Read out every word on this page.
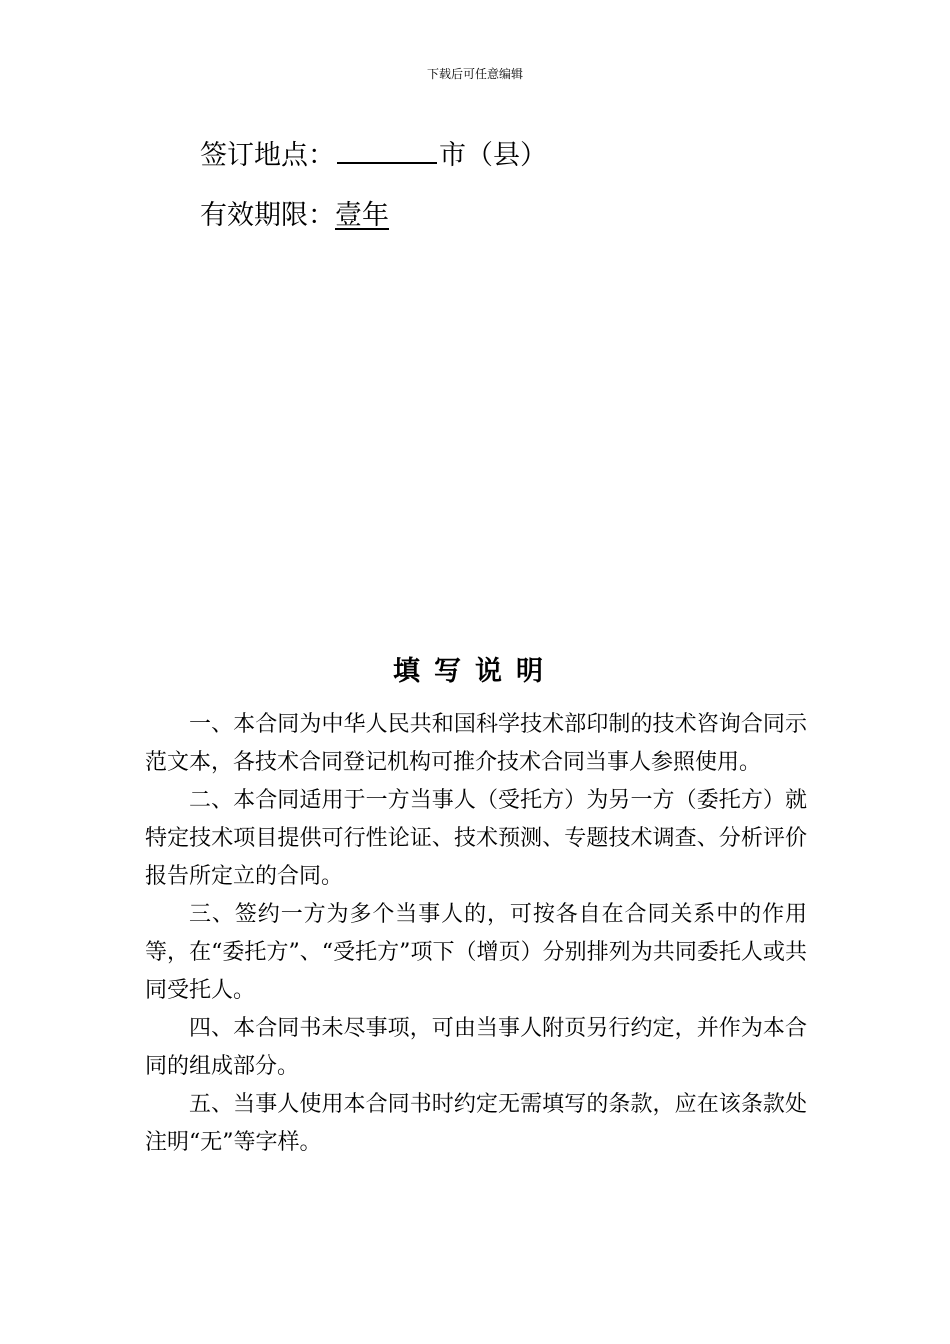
下载后可任意编辑
签订地点：	市（县）
有效期限：壹年
填写说明

一、本合同为中华人民共和国科学技术部印制的技术咨询合同示范文本，各技术合同登记机构可推介技术合同当事人参照使用。

二、本合同适用于一方当事人（受托方）为另一方（委托方）就特定技术项目提供可行性论证、技术预测、专题技术调查、分析评价报告所定立的合同。

三、签约一方为多个当事人的，可按各自在合同关系中的作用等，在“委托方”、“受托方”项下（增页）分别排列为共同委托人或共同受托人。

四、本合同书未尽事项，可由当事人附页另行约定，并作为本合同的组成部分。

五、当事人使用本合同书时约定无需填写的条款，应在该条款处注明“无”等字样。
